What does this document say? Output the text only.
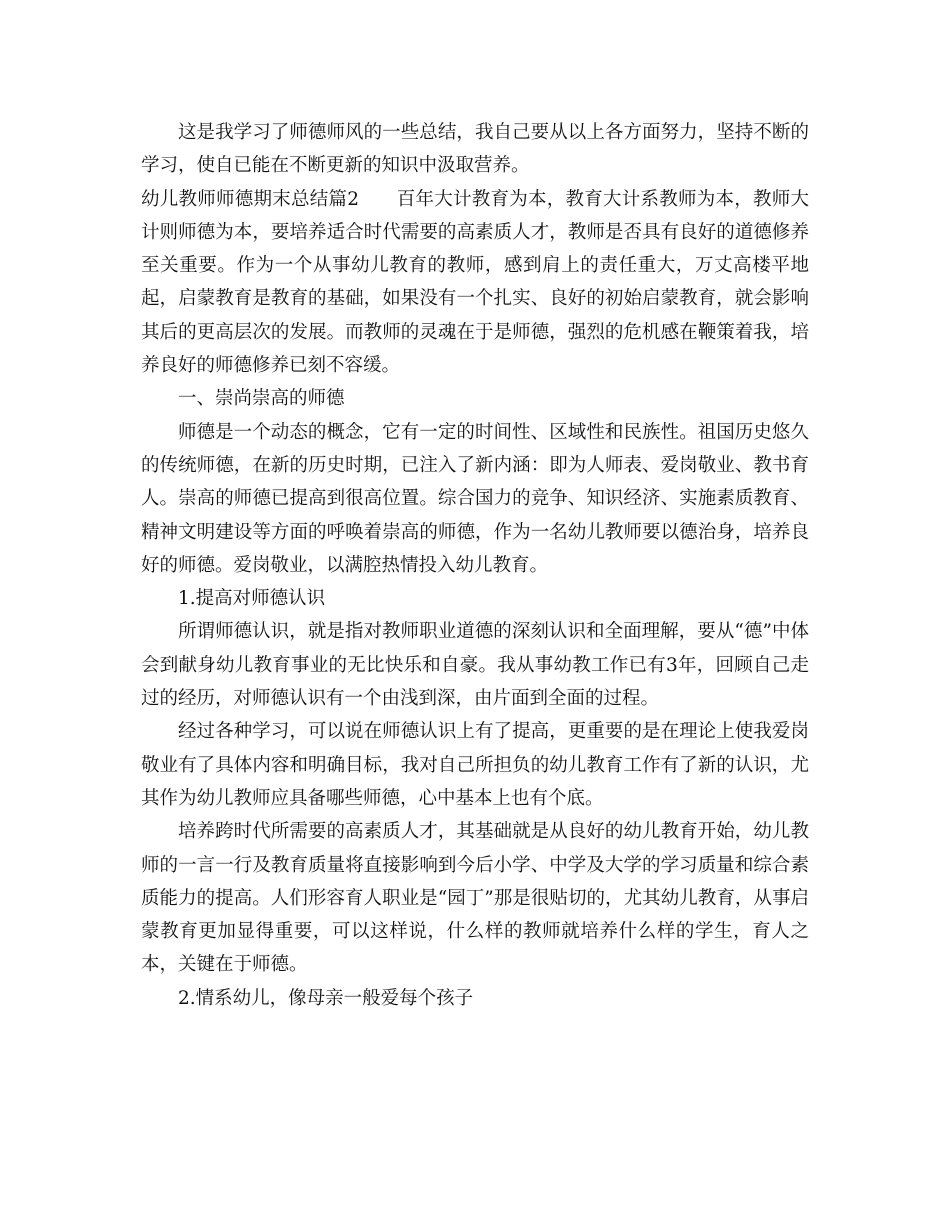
这是我学习了师德师风的一些总结，我自己要从以上各方面努力，坚持不断的学习，使自已能在不断更新的知识中汲取营养。

幼儿教师师德期末总结篇2　　百年大计教育为本，教育大计系教师为本，教师大计则师德为本，要培养适合时代需要的高素质人才，教师是否具有良好的道德修养至关重要。作为一个从事幼儿教育的教师，感到肩上的责任重大，万丈高楼平地起，启蒙教育是教育的基础，如果没有一个扎实、良好的初始启蒙教育，就会影响其后的更高层次的发展。而教师的灵魂在于是师德，强烈的危机感在鞭策着我，培养良好的师德修养已刻不容缓。

一、崇尚崇高的师德

师德是一个动态的概念，它有一定的时间性、区域性和民族性。祖国历史悠久的传统师德，在新的历史时期，已注入了新内涵：即为人师表、爱岗敬业、教书育人。崇高的师德已提高到很高位置。综合国力的竞争、知识经济、实施素质教育、精神文明建设等方面的呼唤着崇高的师德，作为一名幼儿教师要以德治身，培养良好的师德。爱岗敬业，以满腔热情投入幼儿教育。

1.提高对师德认识

所谓师德认识，就是指对教师职业道德的深刻认识和全面理解，要从“德”中体会到献身幼儿教育事业的无比快乐和自豪。我从事幼教工作已有3年，回顾自己走过的经历，对师德认识有一个由浅到深，由片面到全面的过程。

经过各种学习，可以说在师德认识上有了提高，更重要的是在理论上使我爱岗敬业有了具体内容和明确目标，我对自己所担负的幼儿教育工作有了新的认识，尤其作为幼儿教师应具备哪些师德，心中基本上也有个底。

培养跨时代所需要的高素质人才，其基础就是从良好的幼儿教育开始，幼儿教师的一言一行及教育质量将直接影响到今后小学、中学及大学的学习质量和综合素质能力的提高。人们形容育人职业是“园丁”那是很贴切的，尤其幼儿教育，从事启蒙教育更加显得重要，可以这样说，什么样的教师就培养什么样的学生，育人之本，关键在于师德。

2.情系幼儿，像母亲一般爱每个孩子
